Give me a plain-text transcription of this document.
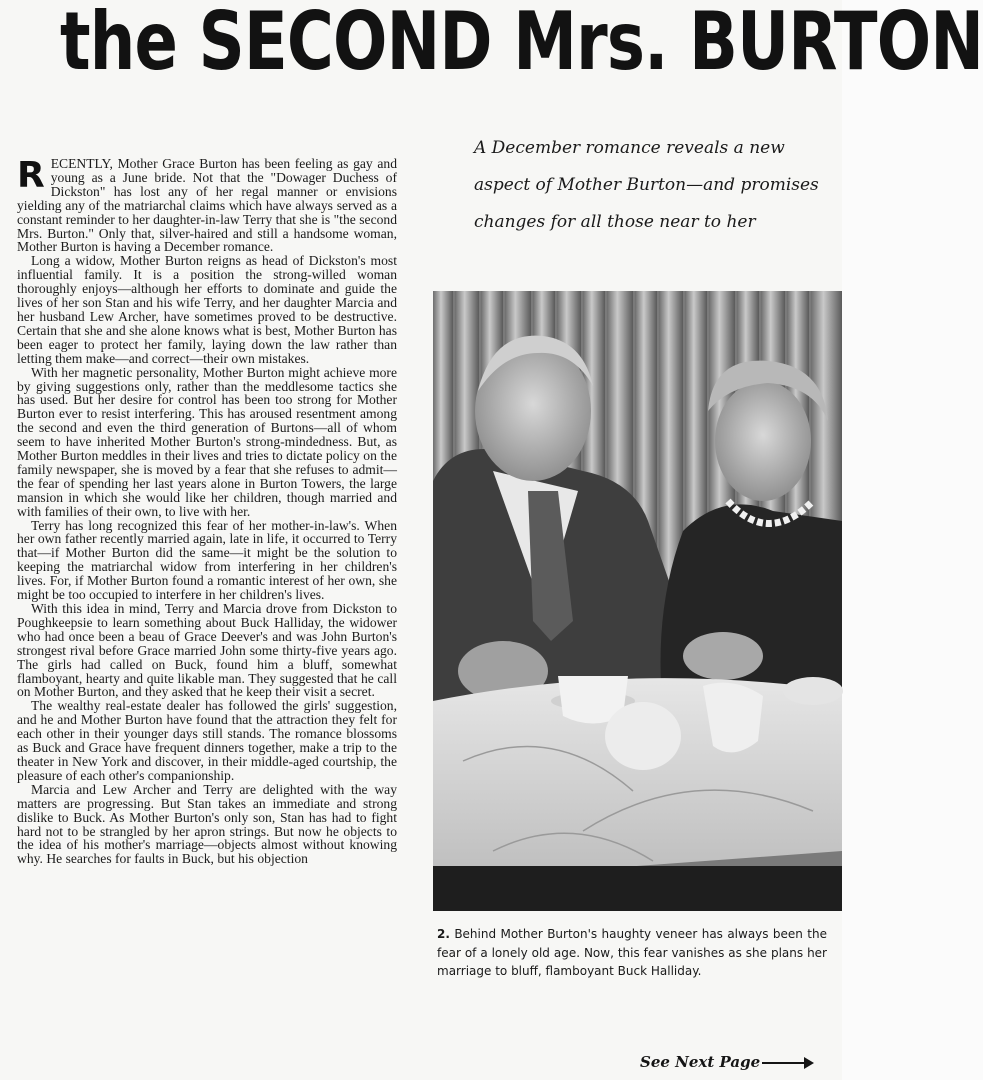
the SECOND Mrs. BURTON
A December romance reveals a new
aspect of Mother Burton—and promises
changes for all those near to her

RECENTLY, Mother Grace Burton has been feeling as gay and young as a June bride. Not that the "Dowager Duchess of Dickston" has lost any of her regal manner or envisions yielding any of the matriarchal claims which have always served as a constant reminder to her daughter-in-law Terry that she is "the second Mrs. Burton." Only that, silver-haired and still a handsome woman, Mother Burton is having a December romance.

Long a widow, Mother Burton reigns as head of Dickston's most influential family. It is a position the strong-willed woman thoroughly enjoys—although her efforts to dominate and guide the lives of her son Stan and his wife Terry, and her daughter Marcia and her husband Lew Archer, have sometimes proved to be destructive. Certain that she and she alone knows what is best, Mother Burton has been eager to protect her family, laying down the law rather than letting them make—and correct—their own mistakes.

With her magnetic personality, Mother Burton might achieve more by giving suggestions only, rather than the meddlesome tactics she has used. But her desire for control has been too strong for Mother Burton ever to resist interfering. This has aroused resentment among the second and even the third generation of Burtons—all of whom seem to have inherited Mother Burton's strong-mindedness. But, as Mother Burton meddles in their lives and tries to dictate policy on the family newspaper, she is moved by a fear that she refuses to admit—the fear of spending her last years alone in Burton Towers, the large mansion in which she would like her children, though married and with families of their own, to live with her.

Terry has long recognized this fear of her mother-in-law's. When her own father recently married again, late in life, it occurred to Terry that—if Mother Burton did the same—it might be the solution to keeping the matriarchal widow from interfering in her children's lives. For, if Mother Burton found a romantic interest of her own, she might be too occupied to interfere in her children's lives.

With this idea in mind, Terry and Marcia drove from Dickston to Poughkeepsie to learn something about Buck Halliday, the widower who had once been a beau of Grace Deever's and was John Burton's strongest rival before Grace married John some thirty-five years ago. The girls had called on Buck, found him a bluff, somewhat flamboyant, hearty and quite likable man. They suggested that he call on Mother Burton, and they asked that he keep their visit a secret.

The wealthy real-estate dealer has followed the girls' suggestion, and he and Mother Burton have found that the attraction they felt for each other in their younger days still stands. The romance blossoms as Buck and Grace have frequent dinners together, make a trip to the theater in New York and discover, in their middle-aged courtship, the pleasure of each other's companionship.

Marcia and Lew Archer and Terry are delighted with the way matters are progressing. But Stan takes an immediate and strong dislike to Buck. As Mother Burton's only son, Stan has had to fight hard not to be strangled by her apron strings. But now he objects to the idea of his mother's marriage—objects almost without knowing why. He searches for faults in Buck, but his objection

2. Behind Mother Burton's haughty veneer has always been the fear of a lonely old age. Now, this fear vanishes as she plans her marriage to bluff, flamboyant Buck Halliday.
See Next Page
